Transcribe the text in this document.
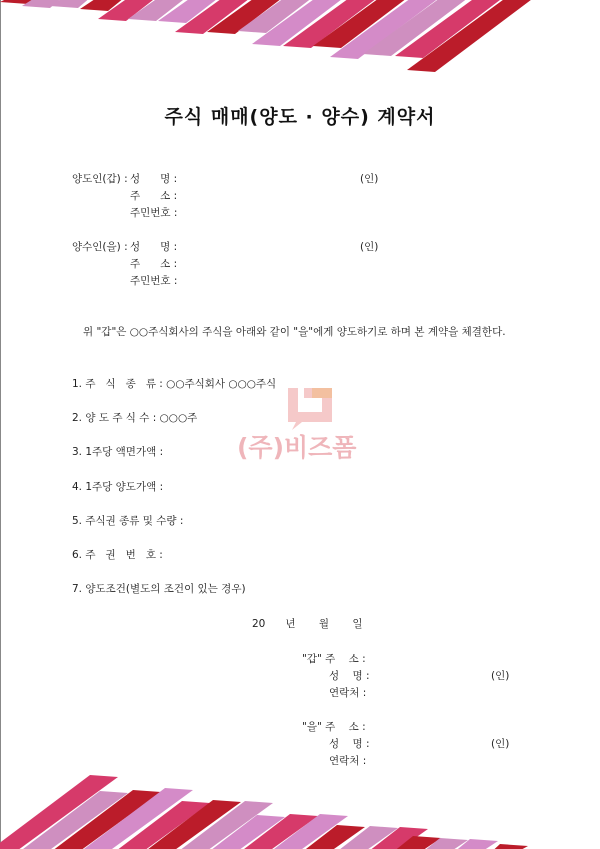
주식 매매(양도 · 양수) 계약서
양도인(갑) : 성      명 :	(인)
주      소 :
주민번호 :
양수인(을) : 성      명 :	(인)
주      소 :
주민번호 :
위 "갑"은 ○○주식회사의 주식을 아래와 같이 "을"에게 양도하기로 하며 본 계약을 체결한다.
1. 주   식   종   류 : ○○주식회사 ○○○주식
2. 양 도 주 식 수 : ○○○주
3. 1주당 액면가액 :
4. 1주당 양도가액 :
5. 주식권 종류 및 수량 :
6. 주   권   번   호 :
7. 양도조건(별도의 조건이 있는 경우)
20      년       월       일
"갑" 주    소 :
성    명 :	(인)
연락처 :
"을" 주    소 :
성    명 :	(인)
연락처 :
(주)비즈폼
